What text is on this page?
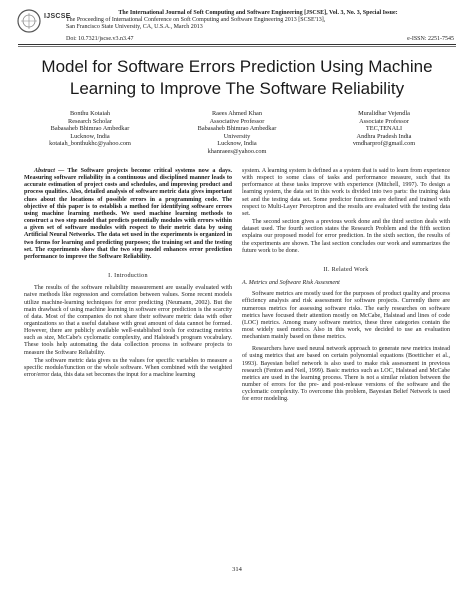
IJSCSE	The International Journal of Soft Computing and Software Engineering [JSCSE], Vol. 3, No. 3, Special Issue:
The Proceeding of International Conference on Soft Computing and Software Engineering 2013 [SCSE'13],
San Francisco State University, CA, U.S.A., March 2013
Doi: 10.7321/jscse.v3.n3.47	e-ISSN: 2251-7545
Model for Software Errors Prediction Using Machine Learning to Improve The Software Reliability
Bonthu Kotaiah
Research Scholar
Babasaheb Bhimrao Ambedkar
Lucknow, India
kotaiah_bonthukhc@yahoo.com
Raees Ahmed Khan
Associative Professor
Babasaheb Bhimrao Ambedkar
University
Lucknow, India
khanraees@yahoo.com
Muralidhar Vejendla
Associate Professor
TEC,TENALI
Andhra Pradesh India
vmdharprof@gmail.com

Abstract — The Software projects become critical systems now a days. Measuring software reliability in a continuous and disciplined manner leads to accurate estimation of project costs and schedules, and improving product and process qualities. Also, detailed analysis of software metric data gives important clues about the locations of possible errors in a programming code. The objective of this paper is to establish a method for identifying software errors using machine learning methods. We used machine learning methods to construct a two step model that predicts potentially modules with errors within a given set of software modules with respect to their metric data by using Artificial Neural Networks. The data set used in the experiments is organized in two forms for learning and predicting purposes; the training set and the testing set. The experiments show that the two step model enhances error prediction performance to improve the Software Reliability.

I. Introduction

The results of the software reliability measurement are usually evaluated with naive methods like regression and correlation between values. Some recent models utilize machine-learning techniques for error predicting (Neumann, 2002). But the main drawback of using machine learning in software error prediction is the scarcity of data. Most of the companies do not share their software metric data with other organizations so that a useful database with great amount of data cannot be formed. However, there are publicly available well-established tools for extracting metrics such as size, McCabe's cyclomatic complexity, and Halstead's program vocabulary. These tools help automating the data collection process in software projects to measure the Software Reliability.

The software metric data gives us the values for specific variables to measure a specific module/function or the whole software. When combined with the weighted error/error data, this data set becomes the input for a machine learning

system. A learning system is defined as a system that is said to learn from experience with respect to some class of tasks and performance measure, such that its performance at these tasks improve with experience (Mitchell, 1997). To design a learning system, the data set in this work is divided into two parts: the training data set and the testing data set. Some predictor functions are defined and trained with respect to Multi-Layer Perceptron and the results are evaluated with the testing data set.

The second section gives a previous work done and the third section deals with dataset used. The fourth section states the Research Problem and the fifth section explains our proposed model for error prediction. In the sixth section, the results of the experiments are shown. The last section concludes our work and summarizes the future work to be done.

II. Related Work
A. Metrics and Software Risk Assesment

Software metrics are mostly used for the purposes of product quality and process efficiency analysis and risk assessment for software projects. Currently there are numerous metrics for assessing software risks. The early researches on software metrics have focused their attention mostly on McCabe, Halstead and lines of code (LOC) metrics. Among many software metrics, these three categories contain the most widely used metrics. Also in this work, we decided to use an evaluation mechanism mainly based on these metrics.

Researchers have used neural network approach to generate new metrics instead of using metrics that are based on certain polynomial equations (Boetticher et al., 1993). Bayesian belief network is also used to make risk assessment in previous research (Fenton and Neil, 1999). Basic metrics such as LOC, Halstead and McCabe metrics are used in the learning process. There is not a similar relation between the number of errors for the pre- and post-release versions of the software and the cyclomatic complexity. To overcome this problem, Bayesian Belief Network is used for error modeling.

314
